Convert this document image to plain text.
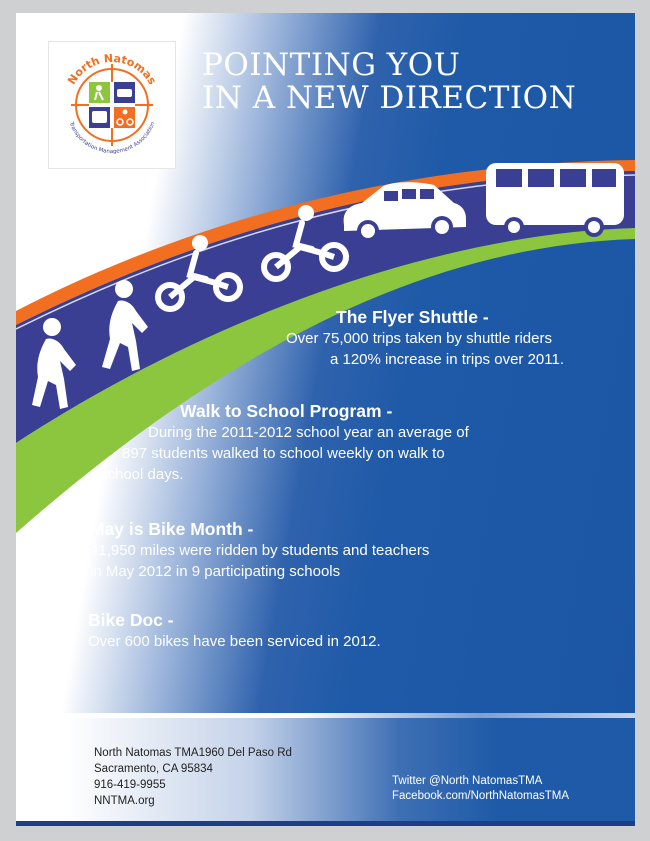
North Natomas
Transportation Management Association
POINTING YOU
IN A NEW DIRECTION
The Flyer Shuttle -

Over 75,000 trips taken by shuttle riders

a 120% increase in trips over 2011.

Walk to School Program -

During the 2011-2012 school year an average of

897 students walked to school weekly on walk to

school days.

May is Bike Month -

41,950 miles were ridden by students and teachers

in May 2012 in 9 participating schools

Bike Doc -

Over 600 bikes have been serviced in 2012.

North Natomas TMA1960 Del Paso Rd
Sacramento, CA 95834
916-419-9955
NNTMA.org
Twitter @North NatomasTMA
Facebook.com/NorthNatomasTMA
